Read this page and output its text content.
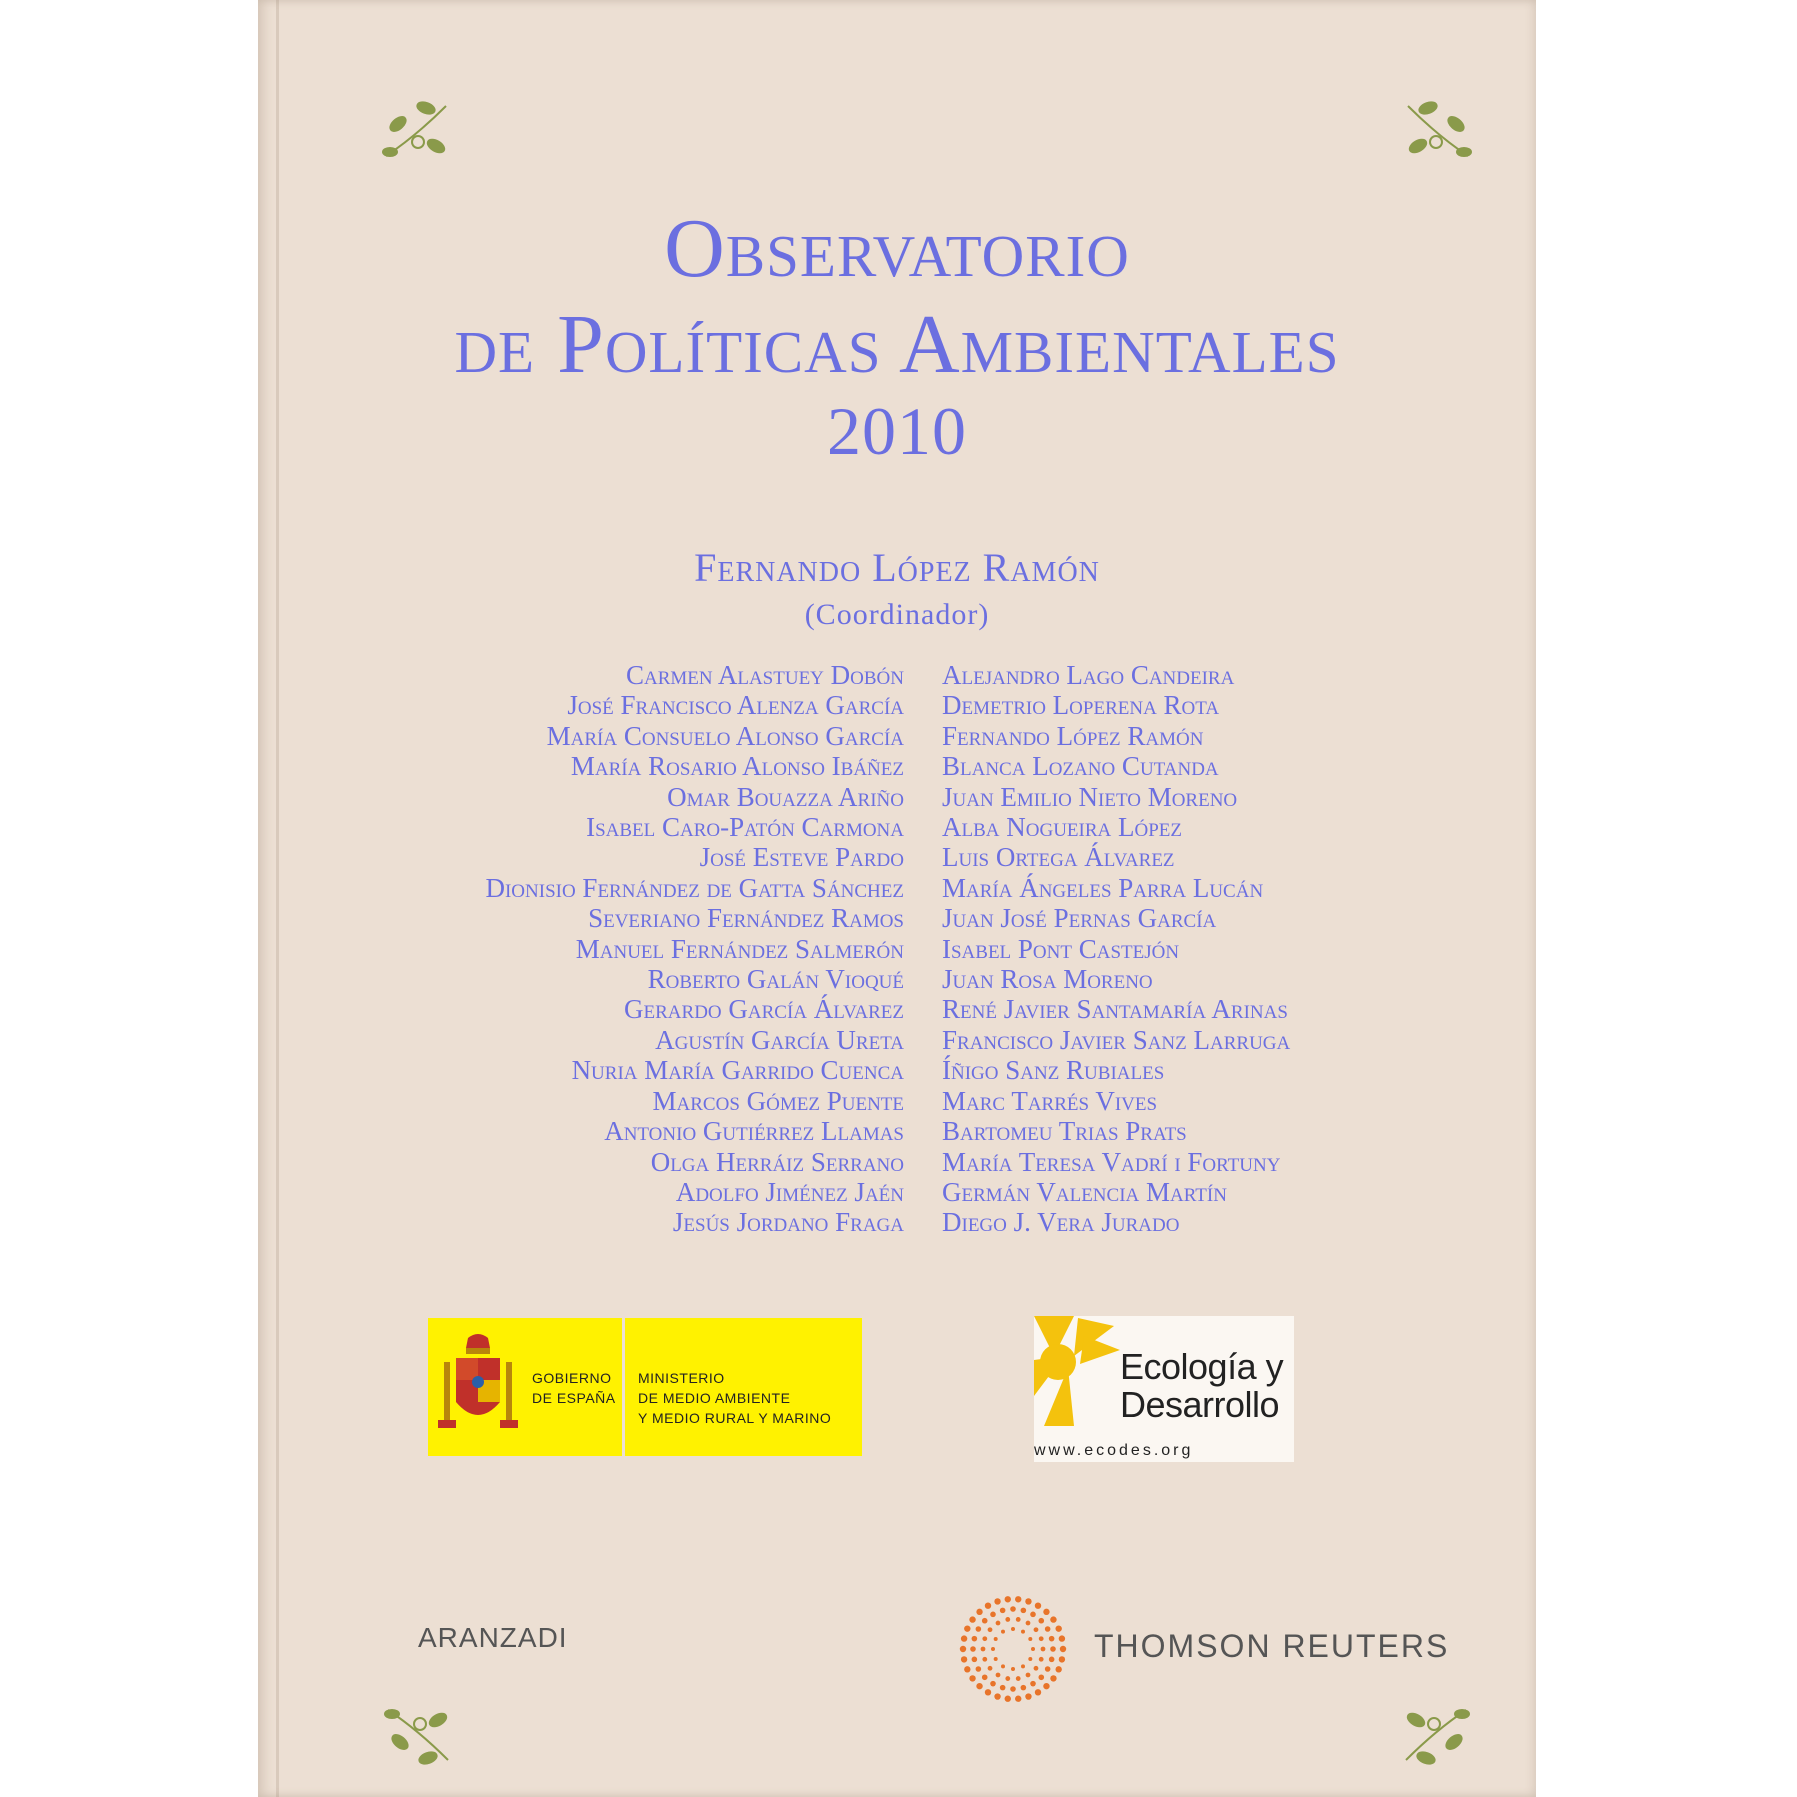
Observatorio
de Políticas Ambientales
2010
Fernando López Ramón
(Coordinador)
Carmen Alastuey Dobón
José Francisco Alenza García
María Consuelo Alonso García
María Rosario Alonso Ibáñez
Omar Bouazza Ariño
Isabel Caro-Patón Carmona
José Esteve Pardo
Dionisio Fernández de Gatta Sánchez
Severiano Fernández Ramos
Manuel Fernández Salmerón
Roberto Galán Vioqué
Gerardo García Álvarez
Agustín García Ureta
Nuria María Garrido Cuenca
Marcos Gómez Puente
Antonio Gutiérrez Llamas
Olga Herráiz Serrano
Adolfo Jiménez Jaén
Jesús Jordano Fraga
Alejandro Lago Candeira
Demetrio Loperena Rota
Fernando López Ramón
Blanca Lozano Cutanda
Juan Emilio Nieto Moreno
Alba Nogueira López
Luis Ortega Álvarez
María Ángeles Parra Lucán
Juan José Pernas García
Isabel Pont Castejón
Juan Rosa Moreno
René Javier Santamaría Arinas
Francisco Javier Sanz Larruga
Íñigo Sanz Rubiales
Marc Tarrés Vives
Bartomeu Trias Prats
María Teresa Vadrí i Fortuny
Germán Valencia Martín
Diego J. Vera Jurado
GOBIERNO
DE ESPAÑA
MINISTERIO
DE MEDIO AMBIENTE
Y MEDIO RURAL Y MARINO
Ecología y
Desarrollo
www.ecodes.org
ARANZADI	THOMSON REUTERS
